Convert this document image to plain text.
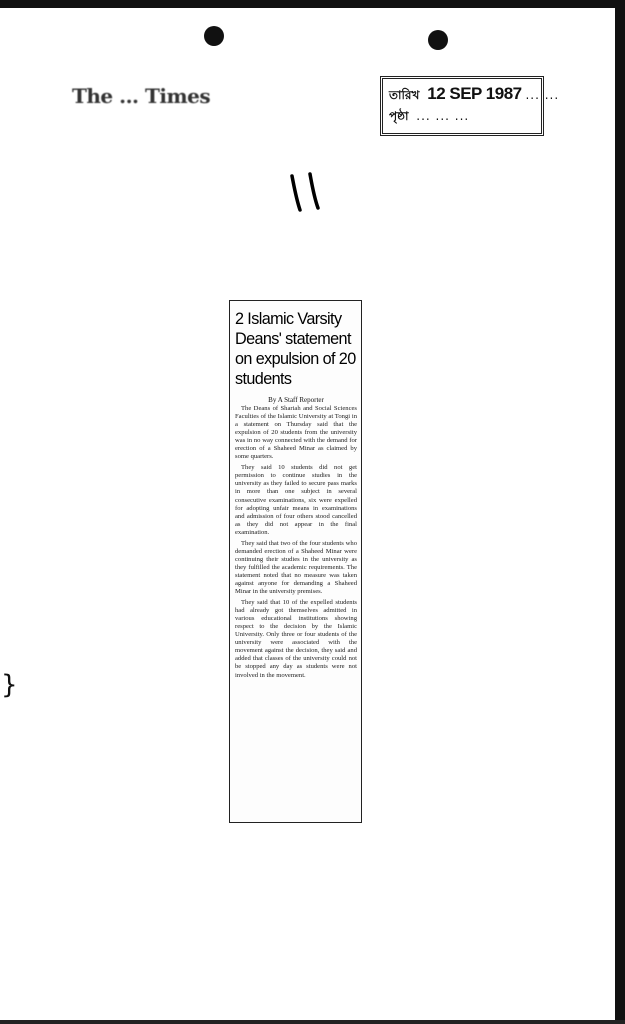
The ... Times	তারিখ 12 SEP 1987 ... ...
পৃষ্ঠা ... ... ...
2 Islamic Varsity Deans' statement on expulsion of 20 students
By A Staff Reporter

The Deans of Shariah and Social Sciences Faculties of the Islamic University at Tongi in a statement on Thursday said that the expulsion of 20 students from the university was in no way connected with the demand for erection of a Shaheed Minar as claimed by some quarters.

They said 10 students did not get permission to continue studies in the university as they failed to secure pass marks in more than one subject in several consecutive examinations, six were expelled for adopting unfair means in examinations and admission of four others stood cancelled as they did not appear in the final examination.

They said that two of the four students who demanded erection of a Shaheed Minar were continuing their studies in the university as they fulfilled the academic requirements. The statement noted that no measure was taken against anyone for demanding a Shaheed Minar in the university premises.

They said that 10 of the expelled students had already got themselves admitted in various educational institutions showing respect to the decision by the Islamic University. Only three or four students of the university were associated with the movement against the decision, they said and added that classes of the university could not be stopped any day as students were not involved in the movement.

}
